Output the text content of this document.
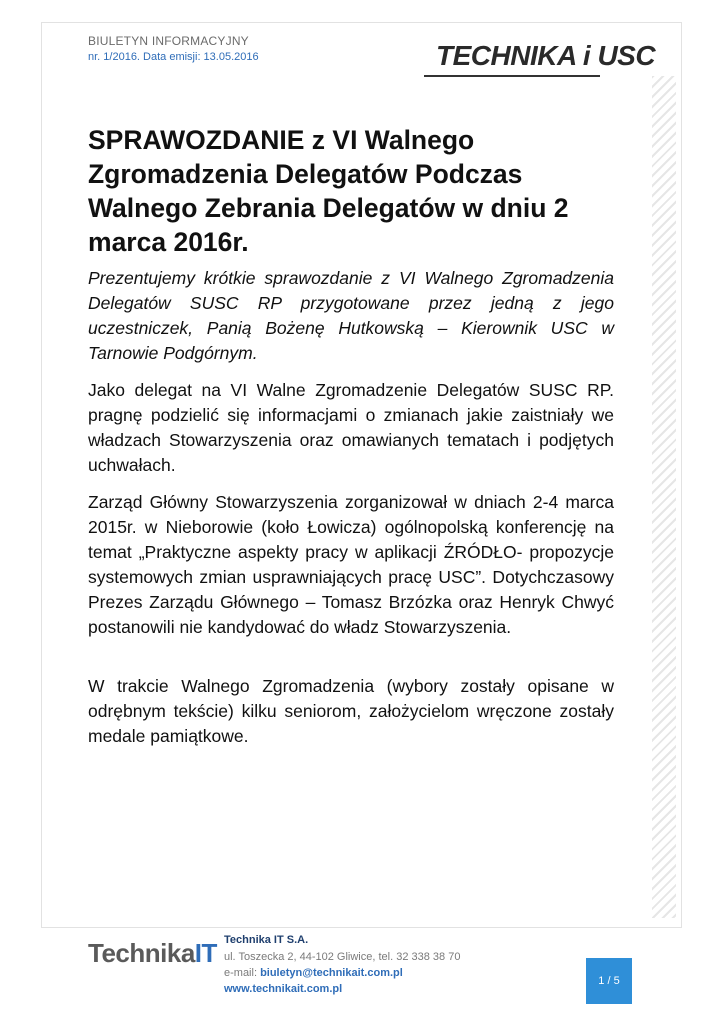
BIULETYN INFORMACYJNY
nr. 1/2016. Data emisji: 13.05.2016	TECHNIKA i USC
SPRAWOZDANIE z VI Walnego Zgromadzenia Delegatów Podczas Walnego Zebrania Delegatów w dniu 2 marca 2016r.

Prezentujemy krótkie sprawozdanie z VI Walnego Zgromadzenia Delegatów SUSC RP przygotowane przez jedną z jego uczestniczek, Panią Bożenę Hutkowską – Kierownik USC w Tarnowie Podgórnym.

Jako delegat na VI Walne Zgromadzenie Delegatów SUSC RP. pragnę podzielić się informacjami o zmianach jakie zaistniały we władzach Stowarzyszenia oraz omawianych tematach i podjętych uchwałach.

Zarząd Główny Stowarzyszenia zorganizował w dniach 2-4 marca 2015r. w Nieborowie (koło Łowicza) ogólnopolską konferencję na temat „Praktyczne aspekty pracy w aplikacji ŹRÓDŁO- propozycje systemowych zmian usprawniających pracę USC”. Dotychczasowy Prezes Zarządu Głównego – Tomasz Brzózka oraz Henryk Chwyć postanowili nie kandydować do władz Stowarzyszenia.

W trakcie Walnego Zgromadzenia (wybory zostały opisane w odrębnym tekście) kilku seniorom, założycielom wręczone zostały medale pamiątkowe.

TechnikaIT Technika IT S.A.
ul. Toszecka 2, 44-102 Gliwice, tel. 32 338 38 70
e-mail: biuletyn@technikait.com.pl
www.technikait.com.pl
1 / 5
